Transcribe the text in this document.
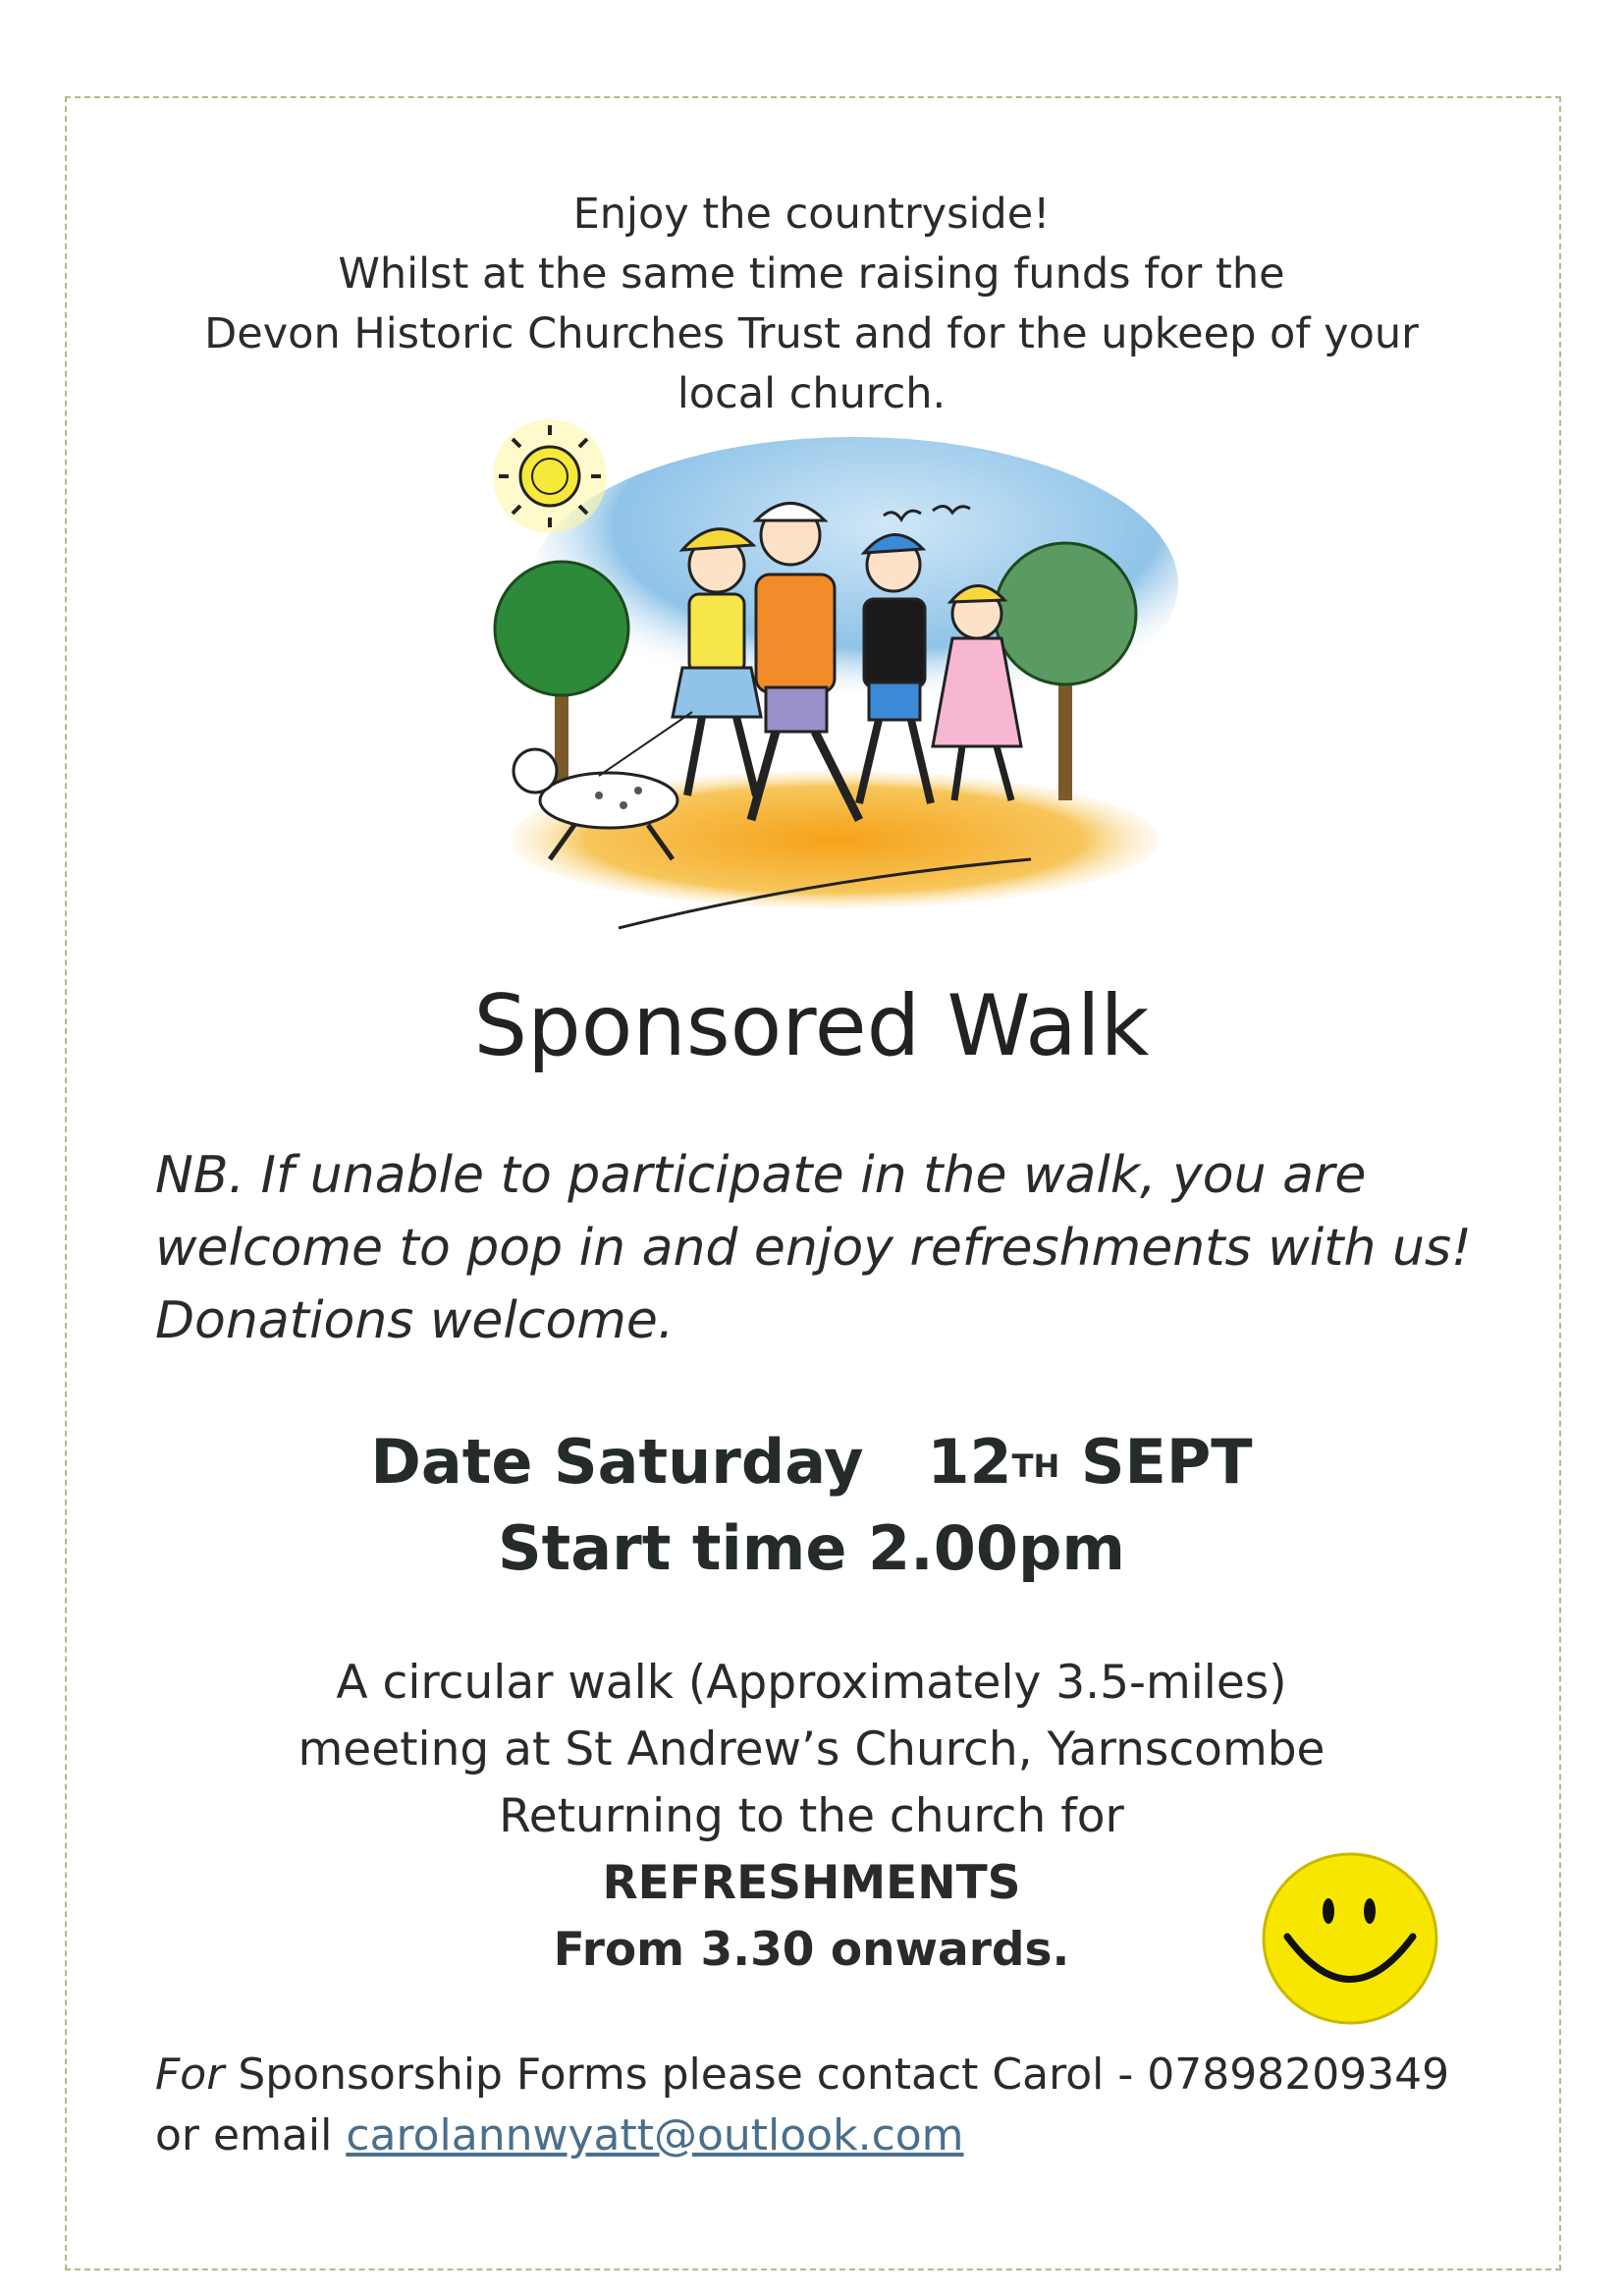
Enjoy the countryside!
Whilst at the same time raising funds for the
Devon Historic Churches Trust and for the upkeep of your
local church.
Sponsored Walk
NB. If unable to participate in the walk, you are
welcome to pop in and enjoy refreshments with us!
Donations welcome.
Date Saturday 12TH SEPT
Start time 2.00pm
A circular walk (Approximately 3.5-miles)
meeting at St Andrew’s Church, Yarnscombe
Returning to the church for
REFRESHMENTS
From 3.30 onwards.
For Sponsorship Forms please contact Carol - 07898209349
or email carolannwyatt@outlook.com
